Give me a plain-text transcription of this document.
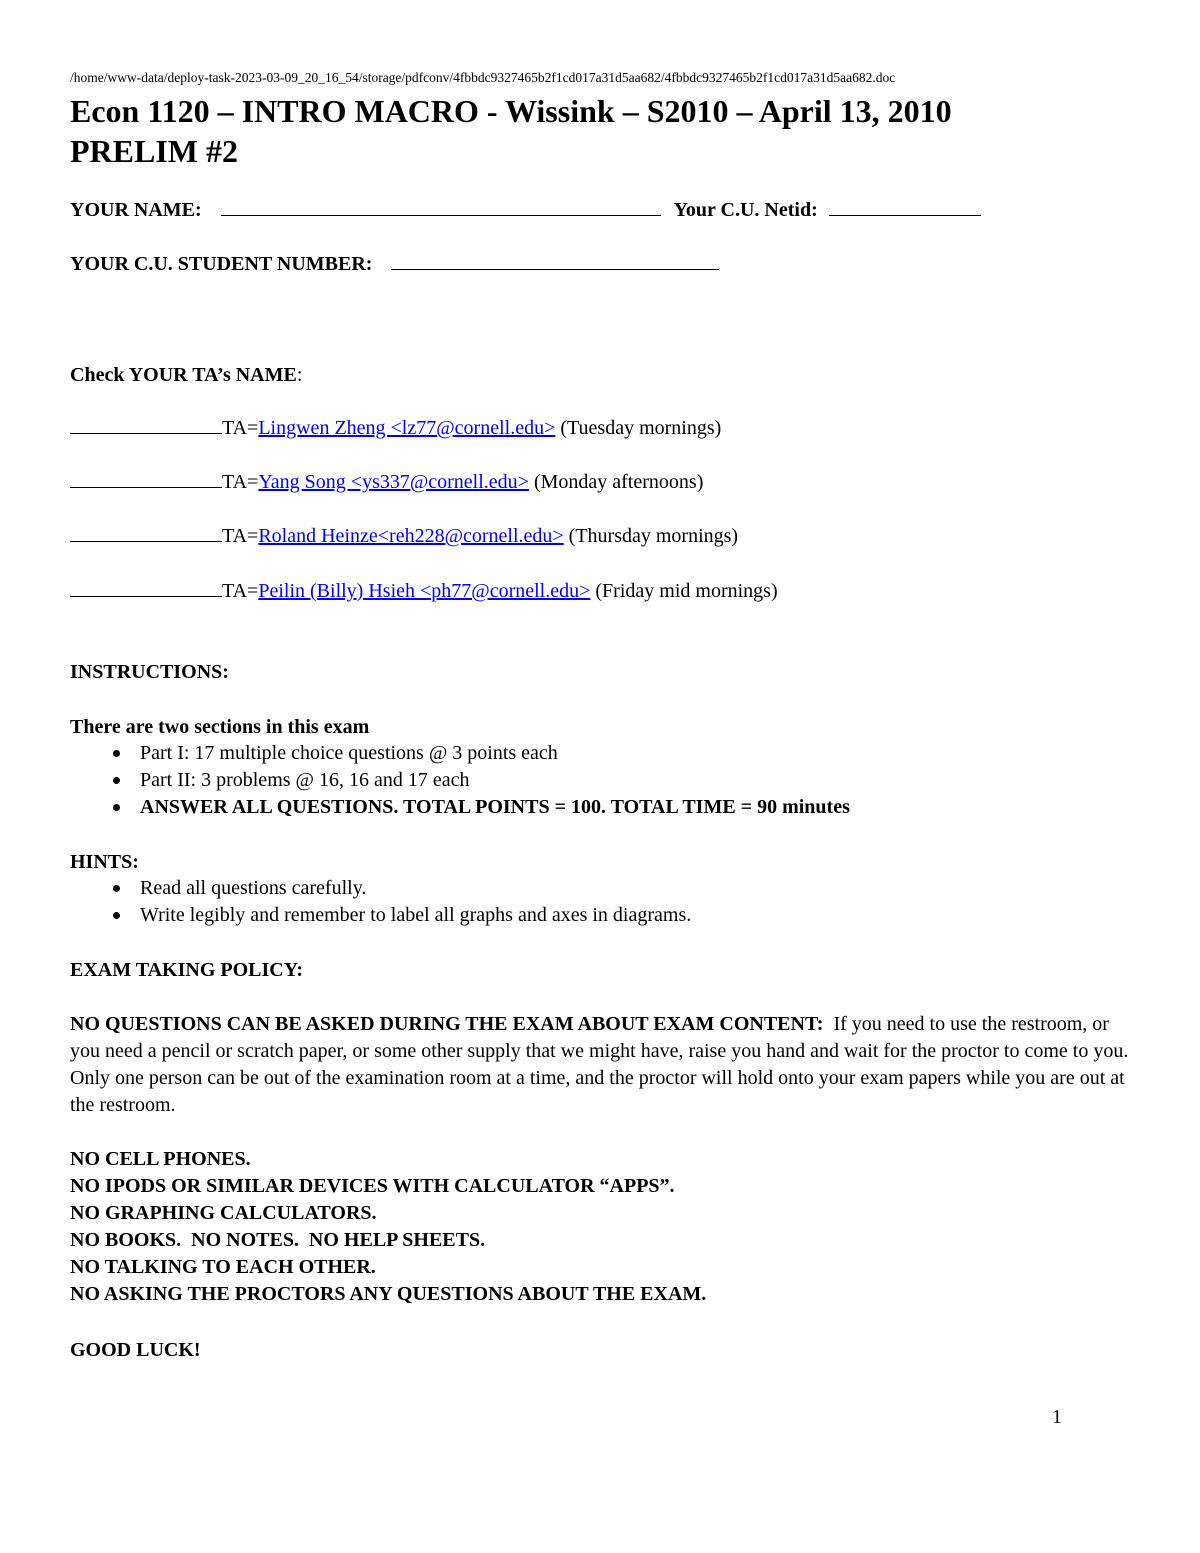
/home/www-data/deploy-task-2023-03-09_20_16_54/storage/pdfconv/4fbbdc9327465b2f1cd017a31d5aa682/4fbbdc9327465b2f1cd017a31d5aa682.doc
Econ 1120 – INTRO MACRO - Wissink – S2010 – April 13, 2010
PRELIM #2
YOUR NAME:	Your C.U. Netid:
YOUR C.U. STUDENT NUMBER:
Check YOUR TA’s NAME:
TA=Lingwen Zheng <lz77@cornell.edu> (Tuesday mornings)
TA=Yang Song <ys337@cornell.edu> (Monday afternoons)
TA=Roland Heinze<reh228@cornell.edu> (Thursday mornings)
TA=Peilin (Billy) Hsieh <ph77@cornell.edu> (Friday mid mornings)
INSTRUCTIONS:
There are two sections in this exam
Part I: 17 multiple choice questions @ 3 points each
Part II: 3 problems @ 16, 16 and 17 each
ANSWER ALL QUESTIONS. TOTAL POINTS = 100. TOTAL TIME = 90 minutes
HINTS:
Read all questions carefully.
Write legibly and remember to label all graphs and axes in diagrams.
EXAM TAKING POLICY:
NO QUESTIONS CAN BE ASKED DURING THE EXAM ABOUT EXAM CONTENT:  If you need to use the restroom, or you need a pencil or scratch paper, or some other supply that we might have, raise you hand and wait for the proctor to come to you.  Only one person can be out of the examination room at a time, and the proctor will hold onto your exam papers while you are out at the restroom.
NO CELL PHONES.
NO IPODS OR SIMILAR DEVICES WITH CALCULATOR “APPS”.
NO GRAPHING CALCULATORS.
NO BOOKS.  NO NOTES.  NO HELP SHEETS.
NO TALKING TO EACH OTHER.
NO ASKING THE PROCTORS ANY QUESTIONS ABOUT THE EXAM.
GOOD LUCK!
1
